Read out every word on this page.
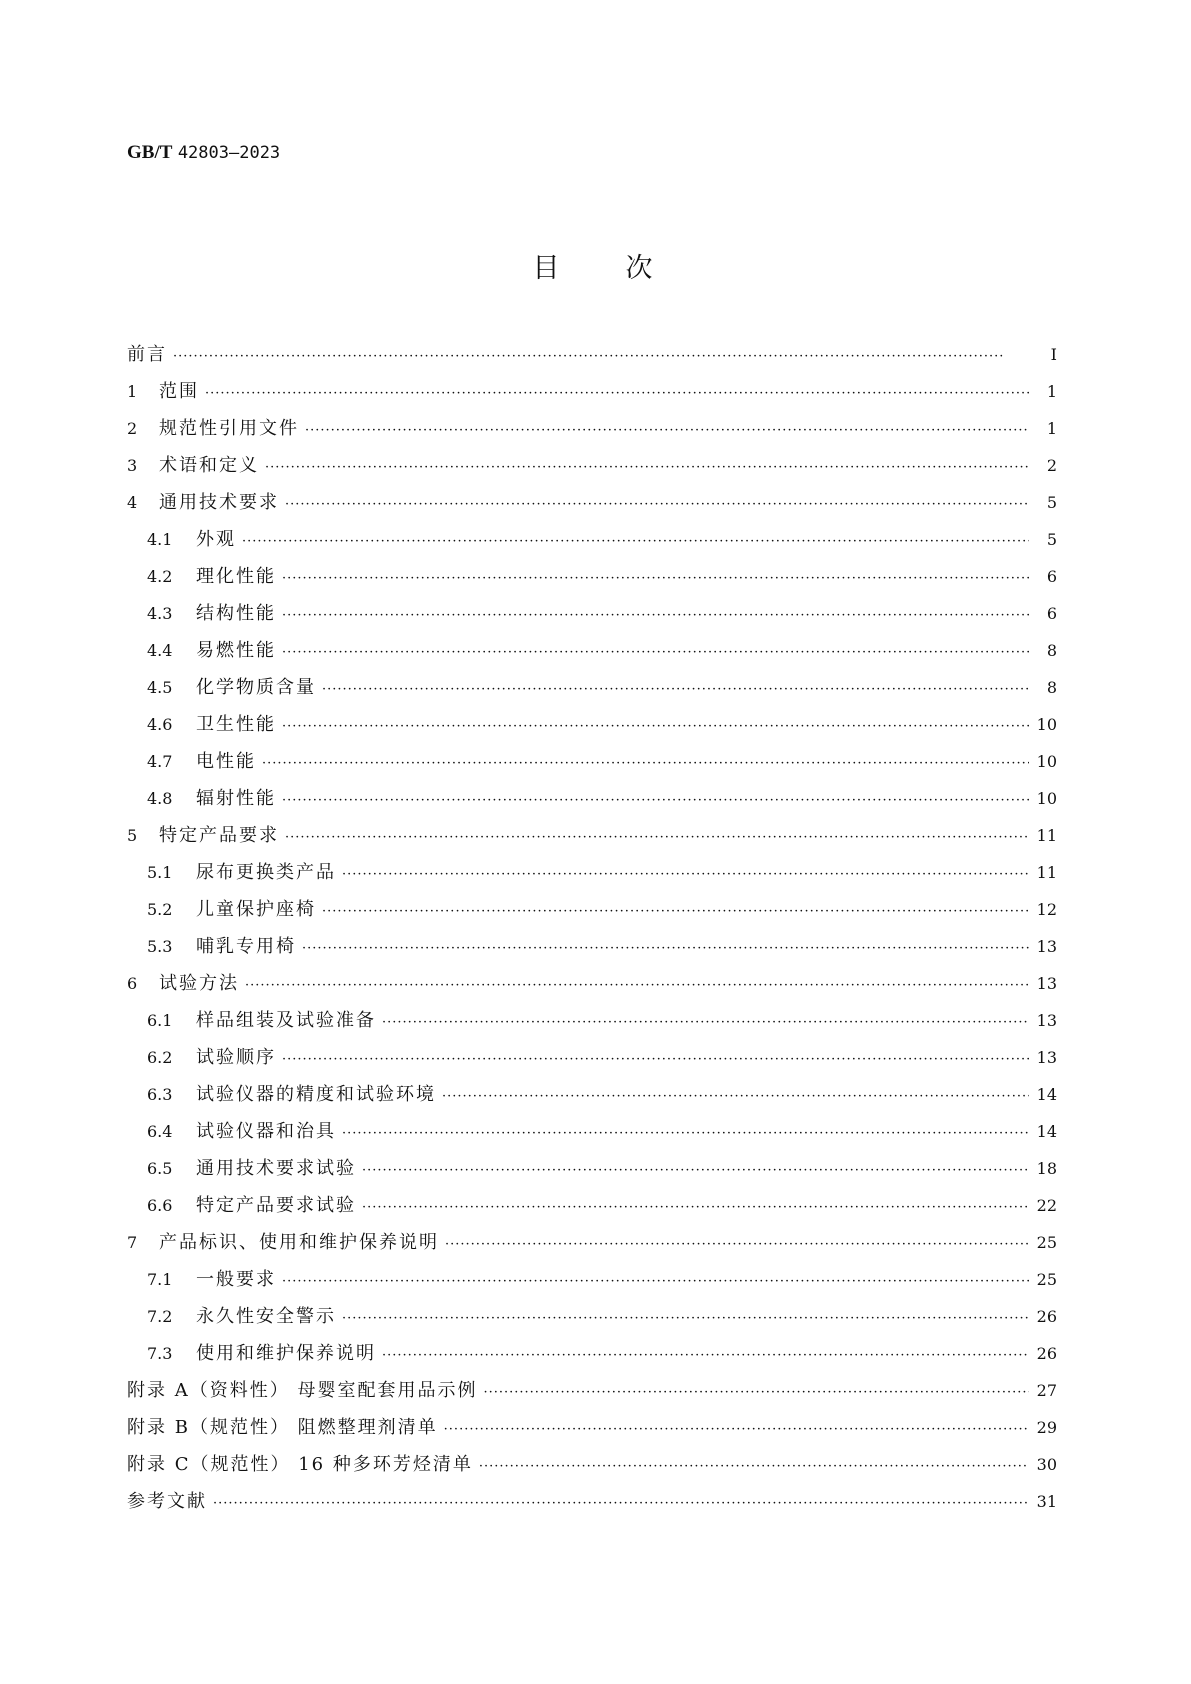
GB/T 42803—2023
目次
前言 ·····	Ⅰ
1	范围 ·····	1
2	规范性引用文件 ·····	1
3	术语和定义 ·····	2
4	通用技术要求 ·····	5
4.1	外观 ·····	5
4.2	理化性能 ·····	6
4.3	结构性能 ·····	6
4.4	易燃性能 ·····	8
4.5	化学物质含量 ·····	8
4.6	卫生性能 ·····	10
4.7	电性能 ·····	10
4.8	辐射性能 ·····	10
5	特定产品要求 ·····	11
5.1	尿布更换类产品 ·····	11
5.2	儿童保护座椅 ·····	12
5.3	哺乳专用椅 ·····	13
6	试验方法 ·····	13
6.1	样品组装及试验准备 ·····	13
6.2	试验顺序 ·····	13
6.3	试验仪器的精度和试验环境 ·····	14
6.4	试验仪器和治具 ·····	14
6.5	通用技术要求试验 ·····	18
6.6	特定产品要求试验 ·····	22
7	产品标识、使用和维护保养说明 ·····	25
7.1	一般要求 ·····	25
7.2	永久性安全警示 ·····	26
7.3	使用和维护保养说明 ·····	26
附录 A（资料性） 母婴室配套用品示例 ·····	27
附录 B（规范性） 阻燃整理剂清单 ·····	29
附录 C（规范性） 16 种多环芳烃清单 ·····	30
参考文献 ·····	31
